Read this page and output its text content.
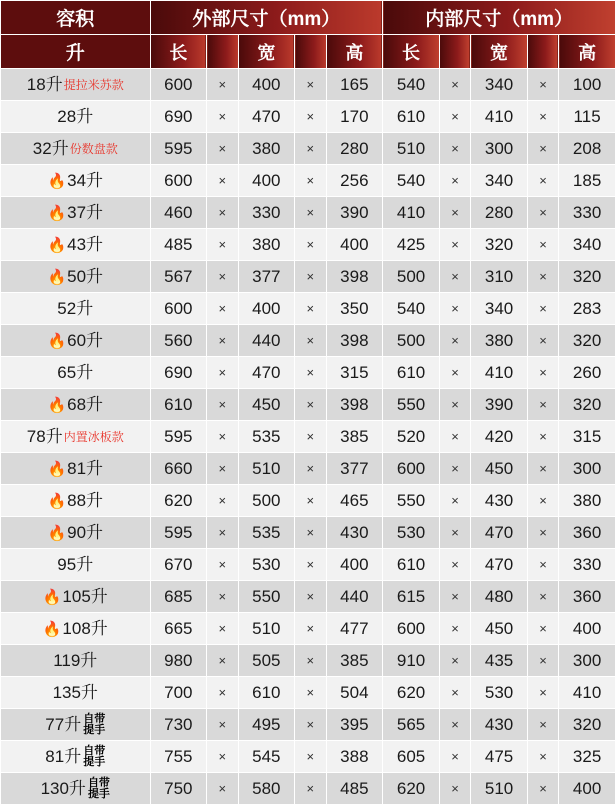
容积	外部尺寸（mm）					内部尺寸（mm）				
升	长		宽		高	长		宽		高

18升 提拉米苏款	600	×	400	×	165	540	×	340	×	100

28升	690	×	470	×	170	610	×	410	×	115

32升 份数盘款	595	×	380	×	280	510	×	300	×	208

🔥 34升	600	×	400	×	256	540	×	340	×	185

🔥 37升	460	×	330	×	390	410	×	280	×	330

🔥 43升	485	×	380	×	400	425	×	320	×	340

🔥 50升	567	×	377	×	398	500	×	310	×	320

52升	600	×	400	×	350	540	×	340	×	283

🔥 60升	560	×	440	×	398	500	×	380	×	320

65升	690	×	470	×	315	610	×	410	×	260

🔥 68升	610	×	450	×	398	550	×	390	×	320

78升 内置冰板款	595	×	535	×	385	520	×	420	×	315

🔥 81升	660	×	510	×	377	600	×	450	×	300

🔥 88升	620	×	500	×	465	550	×	430	×	380

🔥 90升	595	×	535	×	430	530	×	470	×	360

95升	670	×	530	×	400	610	×	470	×	330

🔥 105升	685	×	550	×	440	615	×	480	×	360

🔥 108升	665	×	510	×	477	600	×	450	×	400

119升	980	×	505	×	385	910	×	435	×	300

135升	700	×	610	×	504	620	×	530	×	410

77升 自带
提手	730	×	495	×	395	565	×	430	×	320

81升 自带
提手	755	×	545	×	388	605	×	475	×	325

130升 自带
提手	750	×	580	×	485	620	×	510	×	400
